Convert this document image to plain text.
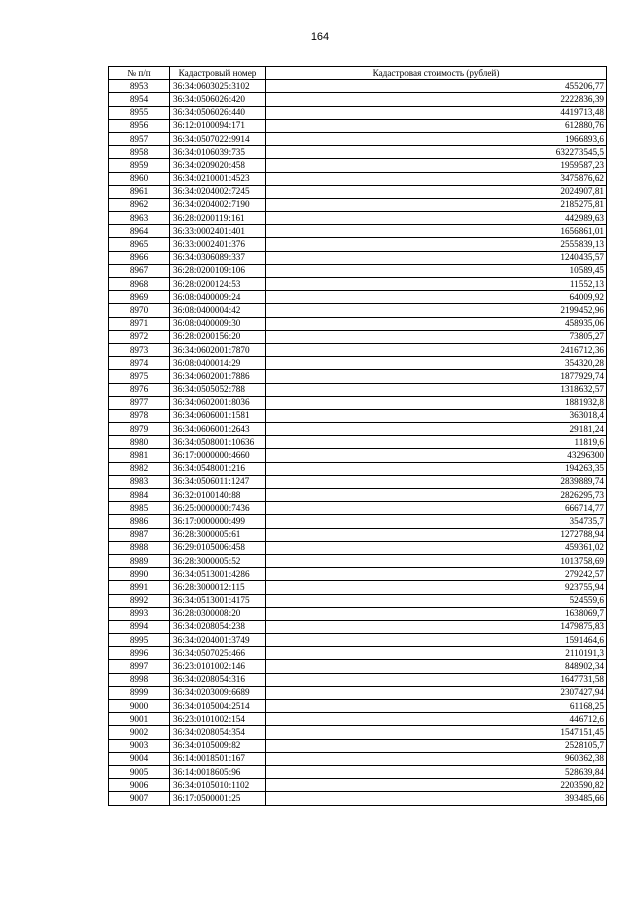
164
№ п/п	Кадастровый номер	Кадастровая стоимость (рублей)
8953	36:34:0603025:3102	455206,77
8954	36:34:0506026:420	2222836,39
8955	36:34:0506026:440	4419713,48
8956	36:12:0100094:171	612880,76
8957	36:34:0507022:9914	1966893,6
8958	36:34:0106039:735	632273545,5
8959	36:34:0209020:458	1959587,23
8960	36:34:0210001:4523	3475876,62
8961	36:34:0204002:7245	2024907,81
8962	36:34:0204002:7190	2185275,81
8963	36:28:0200119:161	442989,63
8964	36:33:0002401:401	1656861,01
8965	36:33:0002401:376	2555839,13
8966	36:34:0306089:337	1240435,57
8967	36:28:0200109:106	10589,45
8968	36:28:0200124:53	11552,13
8969	36:08:0400009:24	64009,92
8970	36:08:0400004:42	2199452,96
8971	36:08:0400009:30	458935,06
8972	36:28:0200156:20	73805,27
8973	36:34:0602001:7870	2416712,36
8974	36:08:0400014:29	354320,28
8975	36:34:0602001:7886	1877929,74
8976	36:34:0505052:788	1318632,57
8977	36:34:0602001:8036	1881932,8
8978	36:34:0606001:1581	363018,4
8979	36:34:0606001:2643	29181,24
8980	36:34:0508001:10636	11819,6
8981	36:17:0000000:4660	43296300
8982	36:34:0548001:216	194263,35
8983	36:34:0506011:1247	2839889,74
8984	36:32:0100140:88	2826295,73
8985	36:25:0000000:7436	666714,77
8986	36:17:0000000:499	354735,7
8987	36:28:3000005:61	1272788,94
8988	36:29:0105006:458	459361,02
8989	36:28:3000005:52	1013758,69
8990	36:34:0513001:4286	279242,57
8991	36:28:3000012:115	923755,94
8992	36:34:0513001:4175	524559,6
8993	36:28:0300008:20	1638069,7
8994	36:34:0208054:238	1479875,83
8995	36:34:0204001:3749	1591464,6
8996	36:34:0507025:466	2110191,3
8997	36:23:0101002:146	848902,34
8998	36:34:0208054:316	1647731,58
8999	36:34:0203009:6689	2307427,94
9000	36:34:0105004:2514	61168,25
9001	36:23:0101002:154	446712,6
9002	36:34:0208054:354	1547151,45
9003	36:34:0105009:82	2528105,7
9004	36:14:0018501:167	960362,38
9005	36:14:0018605:96	528639,84
9006	36:34:0105010:1102	2203590,82
9007	36:17:0500001:25	393485,66
